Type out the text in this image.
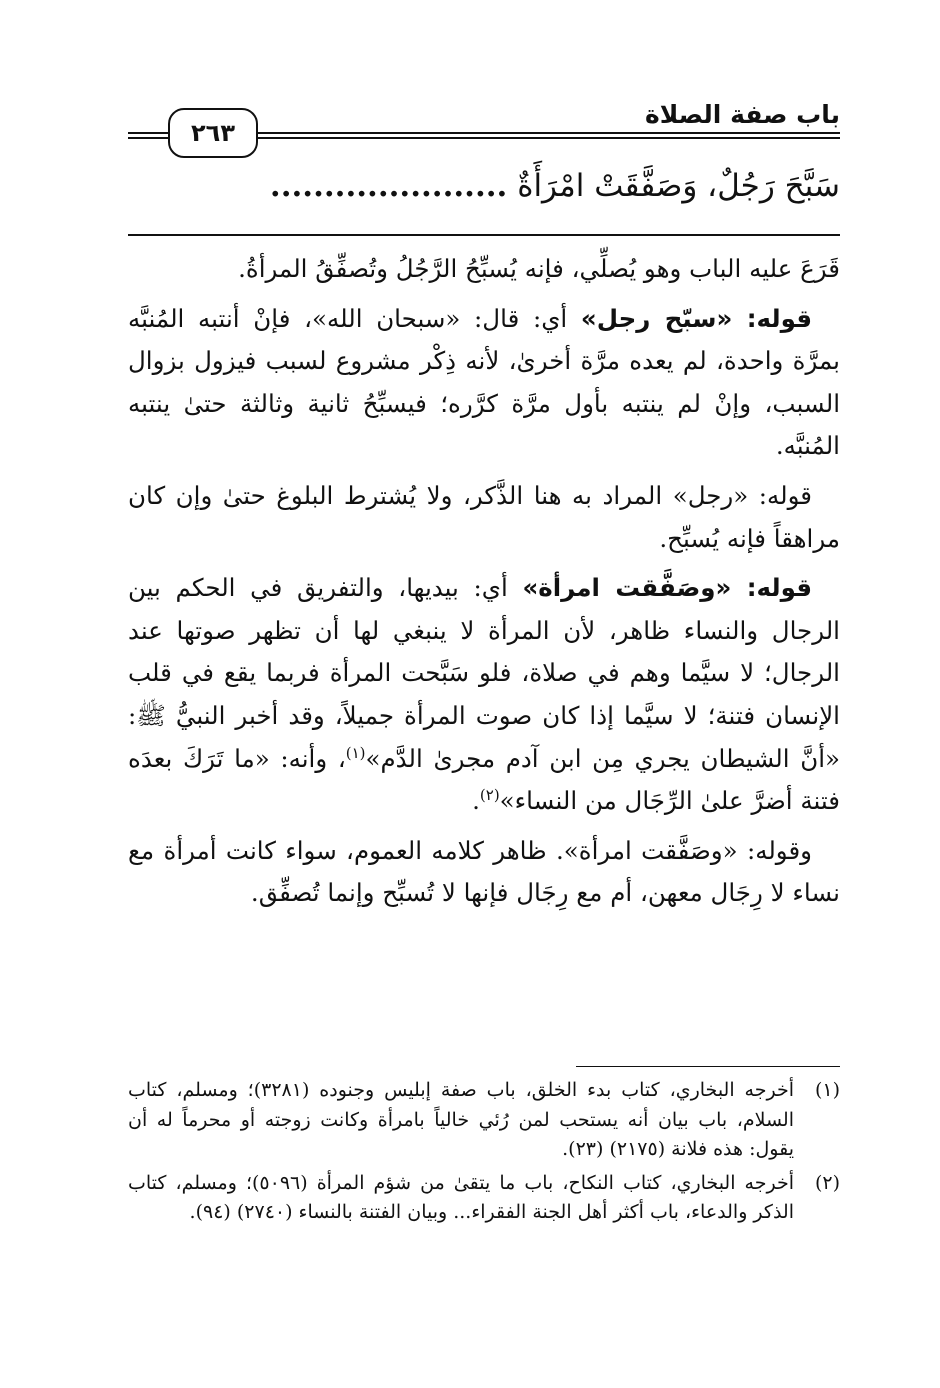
باب صفة الصلاة
٢٦٣

سَبَّحَ رَجُلٌ، وَصَفَّقَتْ امْرَأَةٌ ......................

قَرَعَ عليه الباب وهو يُصلِّي، فإنه يُسبِّحُ الرَّجُلُ وتُصفِّقُ المرأةُ.

قوله: «سبّح رجل» أي: قال: «سبحان الله»، فإنْ أنتبه المُنبَّه بمرَّة واحدة، لم يعده مرَّة أخرىٰ، لأنه ذِكْر مشروع لسبب فيزول بزوال السبب، وإنْ لم ينتبه بأول مرَّة كرَّره؛ فيسبِّحُ ثانية وثالثة حتىٰ ينتبه المُنبَّه.

قوله: «رجل» المراد به هنا الذَّكر، ولا يُشترط البلوغ حتىٰ وإن كان مراهقاً فإنه يُسبِّح.

قوله: «وصَفَّقت امرأة» أي: بيديها، والتفريق في الحكم بين الرجال والنساء ظاهر، لأن المرأة لا ينبغي لها أن تظهر صوتها عند الرجال؛ لا سيَّما وهم في صلاة، فلو سَبَّحت المرأة فربما يقع في قلب الإنسان فتنة؛ لا سيَّما إذا كان صوت المرأة جميلاً، وقد أخبر النبيُّ ﷺ: «أنَّ الشيطان يجري مِن ابن آدم مجرىٰ الدَّم»$^{(١)}$، وأنه: «ما تَرَكَ بعدَه فتنة أضرَّ علىٰ الرِّجَال من النساء»$^{(٢)}$.

وقوله: «وصَفَّقت امرأة». ظاهر كلامه العموم، سواء كانت أمرأة مع نساء لا رِجَال معهن، أم مع رِجَال فإنها لا تُسبِّح وإنما تُصفِّق.

(١)
أخرجه البخاري، كتاب بدء الخلق، باب صفة إبليس وجنوده (٣٢٨١)؛ ومسلم، كتاب السلام، باب بيان أنه يستحب لمن رُئي خالياً بامرأة وكانت زوجته أو محرماً له أن يقول: هذه فلانة (٢١٧٥) (٢٣).
(٢)
أخرجه البخاري، كتاب النكاح، باب ما يتقىٰ من شؤم المرأة (٥٠٩٦)؛ ومسلم، كتاب الذكر والدعاء، باب أكثر أهل الجنة الفقراء... وبيان الفتنة بالنساء (٢٧٤٠) (٩٤).
